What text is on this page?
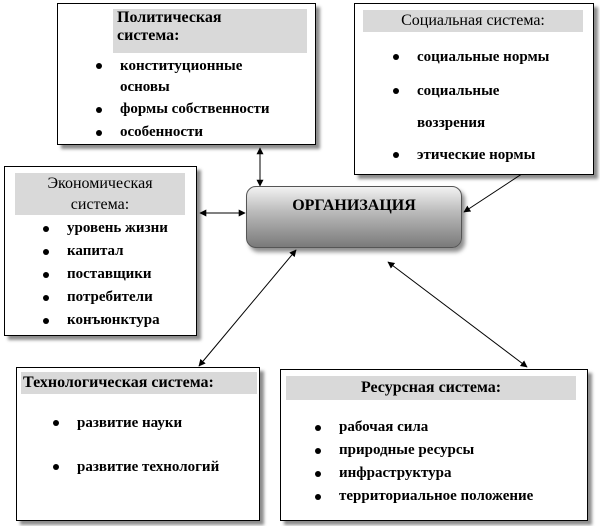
Политическая
система:
конституционные
основы
формы собственности
особенности
Социальная система:
социальные нормы
социальные
воззрения
этические нормы
Экономическая
система:
уровень жизни
капитал
поставщики
потребители
конъюнктура
ОРГАНИЗАЦИЯ
Технологическая система:
развитие науки
развитие технологий
Ресурсная система:
рабочая сила
природные ресурсы
инфраструктура
территориальное положение
